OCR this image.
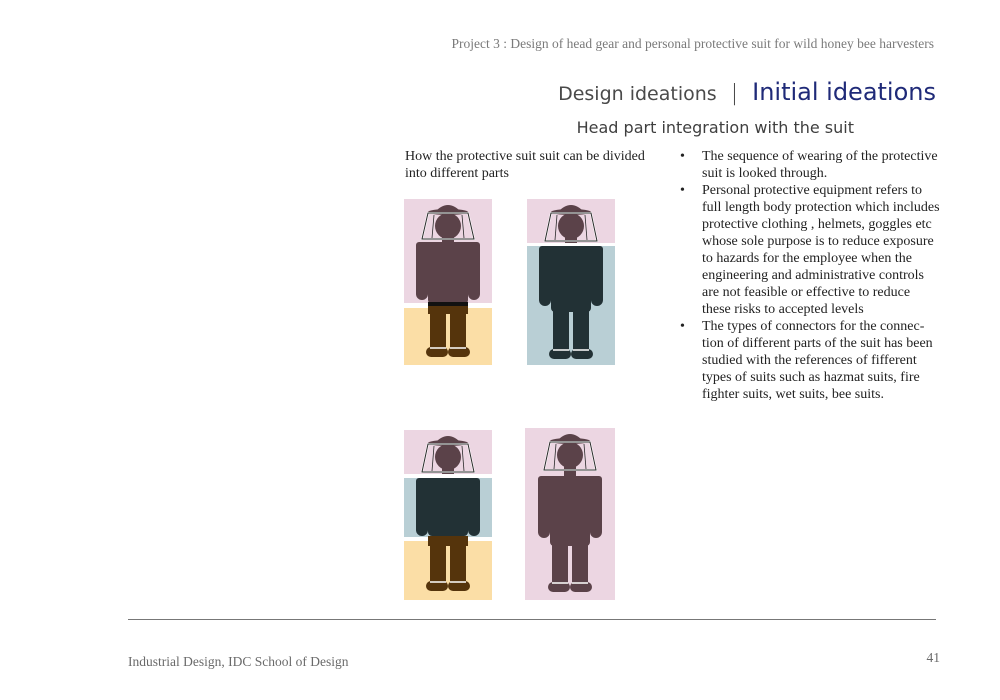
Project 3 : Design of head gear and personal protective suit for wild honey bee harvesters
Design ideations | Initial ideations
Head part integration with the suit
How the protective suit suit can be divided into different parts
• The sequence of wearing of the protective suit is looked through.
• Personal protective equipment refers to full length body protection which includes protective clothing , helmets, goggles etc whose sole purpose is to reduce exposure to hazards for the employee when the engineering and administrative controls are not feasible or effective to reduce these risks to accepted levels
• The types of connectors for the connec-tion of different parts of the suit has been studied with the references of fifferent types of suits such as hazmat suits, fire fighter suits, wet suits, bee suits.
Industrial Design, IDC School of Design	41
